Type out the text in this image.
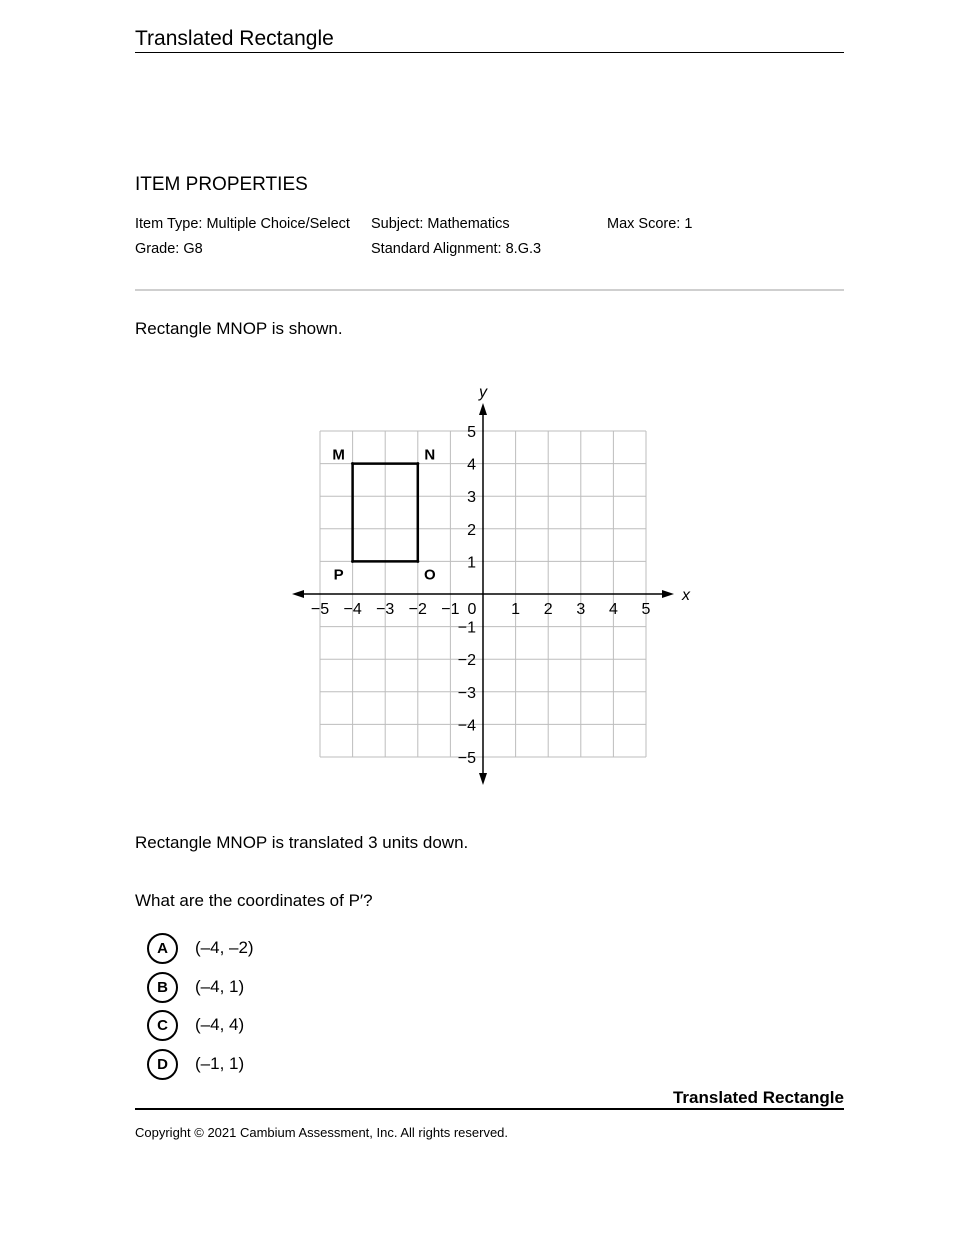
Translated Rectangle
ITEM PROPERTIES
Item Type: Multiple Choice/Select Subject: Mathematics	Max Score: 1
Grade: G8	Standard Alignment: 8.G.3
Rectangle MNOP is shown.
x
y
−5 −4 −3 −2 −1	1 2 3 4 5
0
5
4
3
2
1
−1
−2
−3
−4
−5
M	N
O
P
Rectangle MNOP is translated 3 units down.
What are the coordinates of P′?
A	(–4, –2)
B	(–4, 1)
C	(–4, 4)
D	(–1, 1)
Translated Rectangle
Copyright © 2021 Cambium Assessment, Inc. All rights reserved.
